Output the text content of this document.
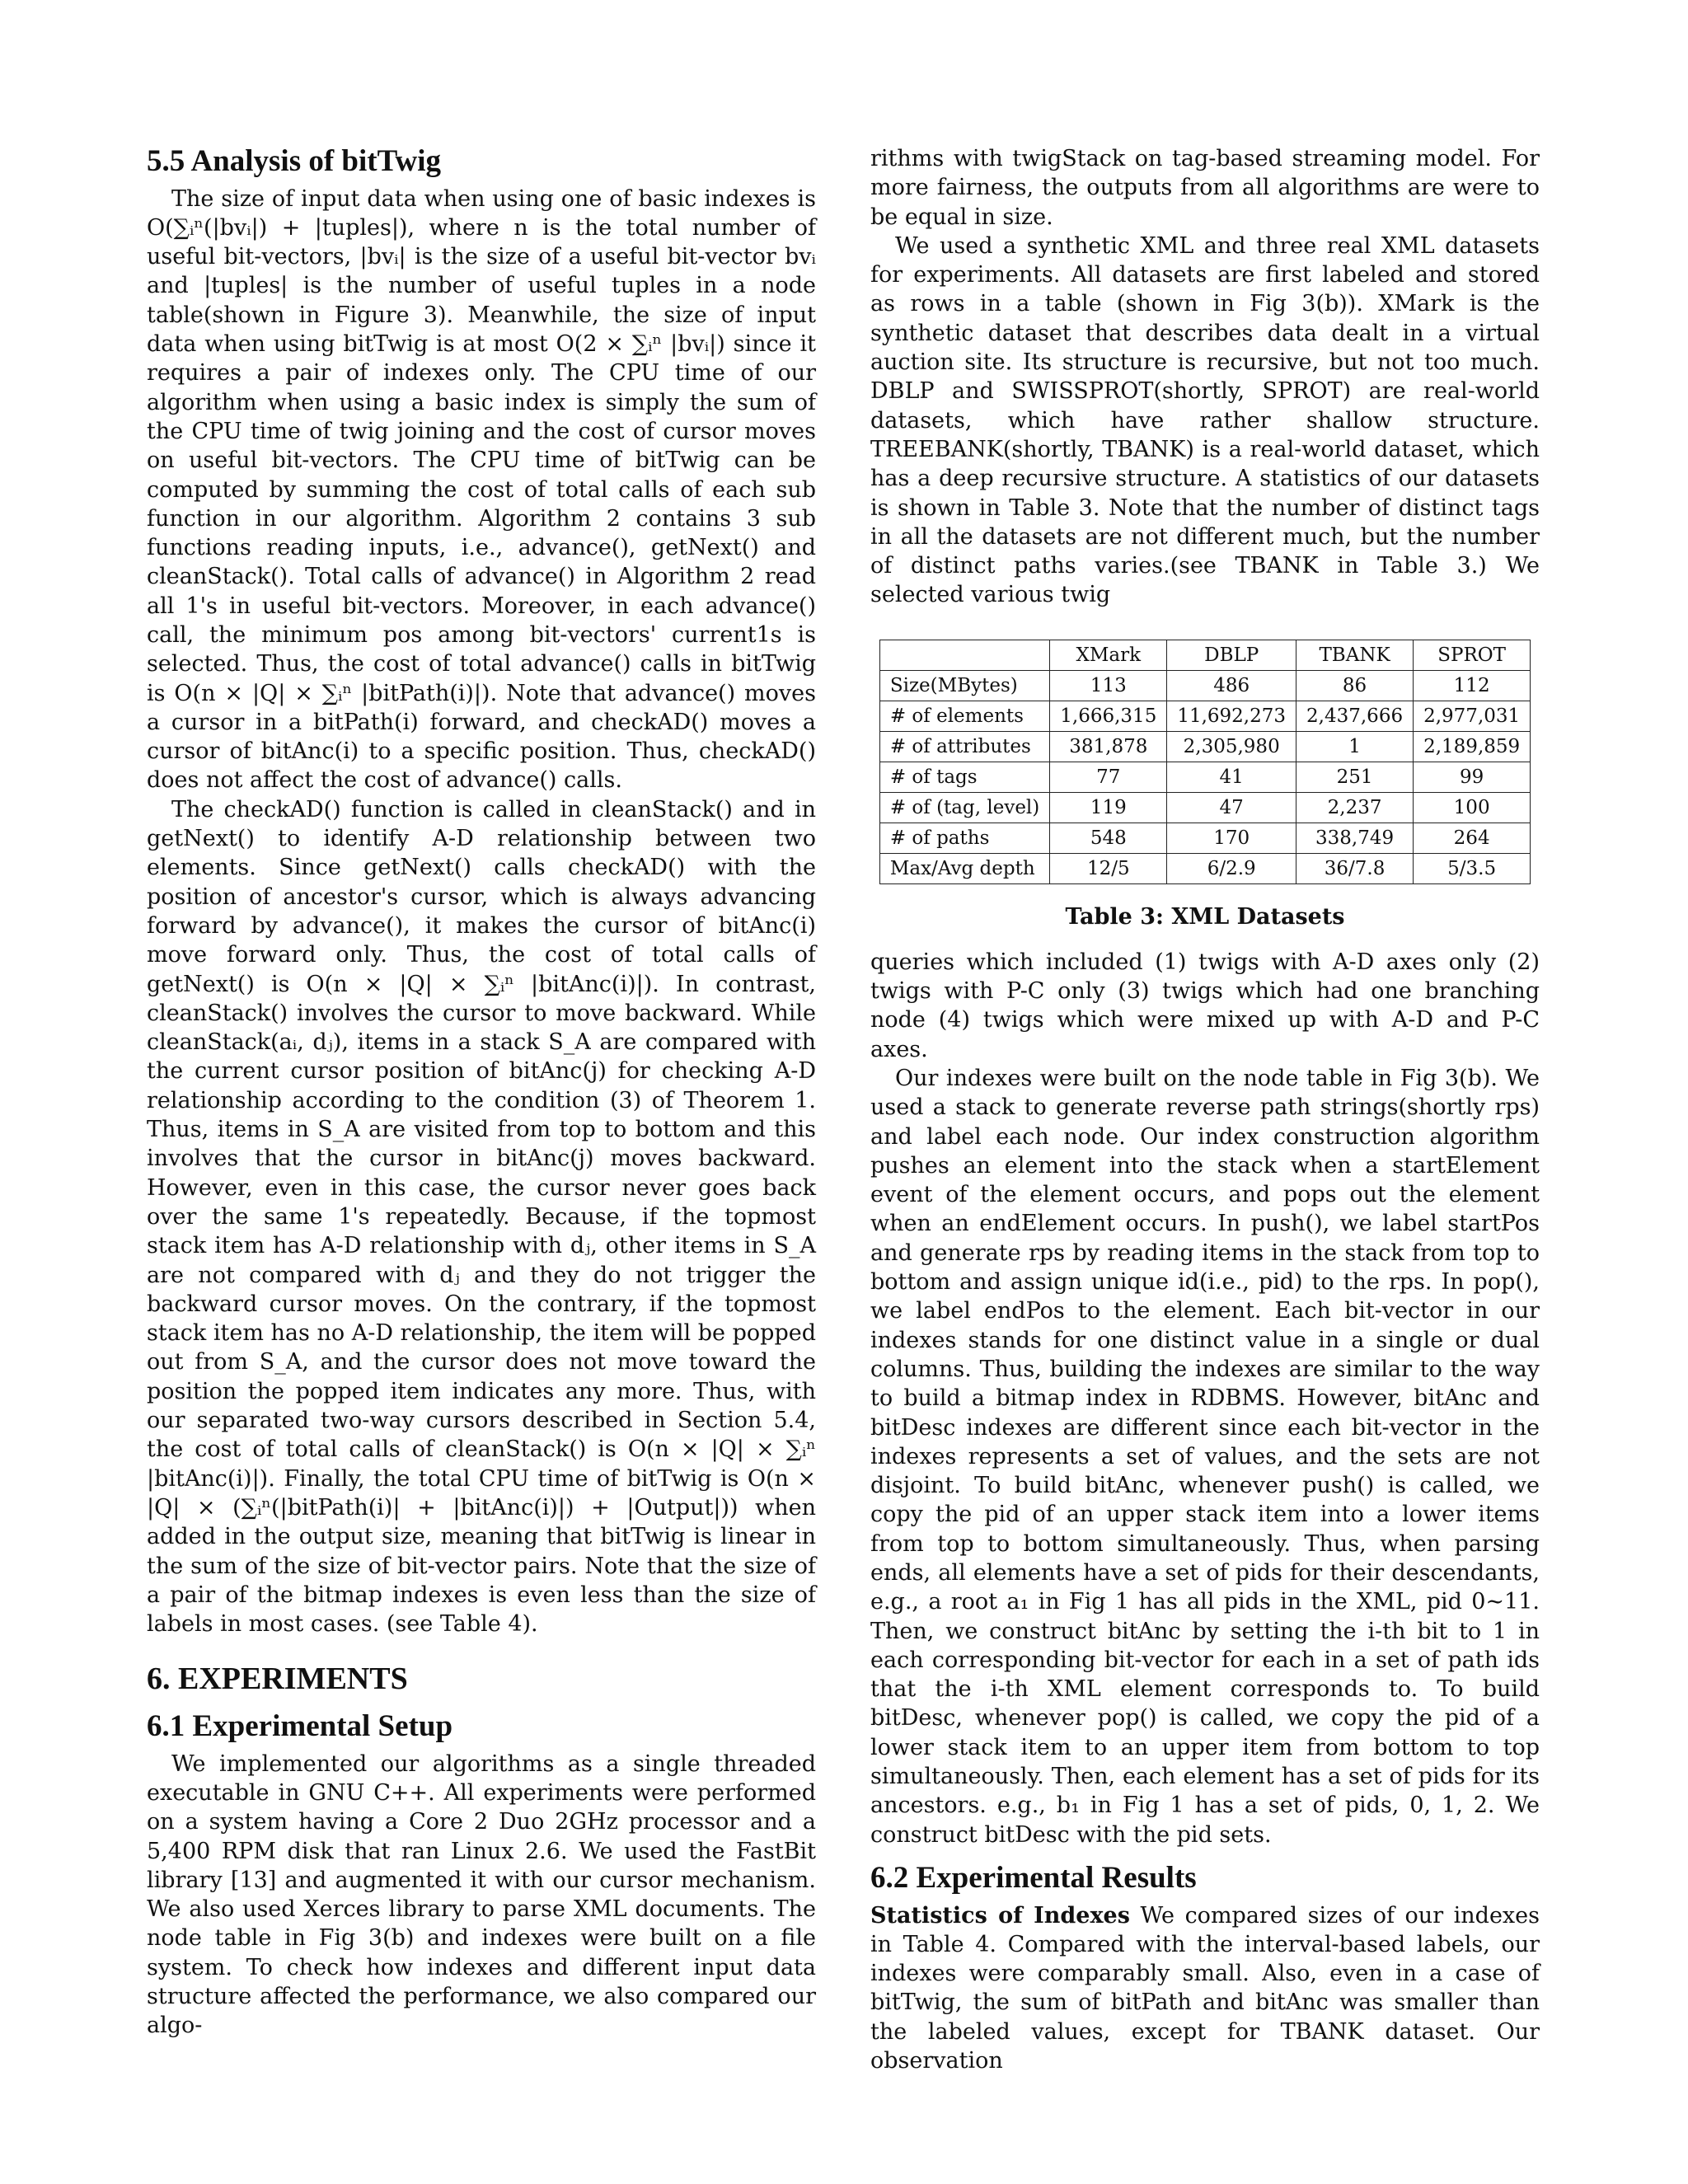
5.5 Analysis of bitTwig

The size of input data when using one of basic indexes is O(∑ᵢⁿ(|bvᵢ|) + |tuples|), where n is the total number of useful bit-vectors, |bvᵢ| is the size of a useful bit-vector bvᵢ and |tuples| is the number of useful tuples in a node table(shown in Figure 3). Meanwhile, the size of input data when using bitTwig is at most O(2 × ∑ᵢⁿ |bvᵢ|) since it requires a pair of indexes only. The CPU time of our algorithm when using a basic index is simply the sum of the CPU time of twig joining and the cost of cursor moves on useful bit-vectors. The CPU time of bitTwig can be computed by summing the cost of total calls of each sub function in our algorithm. Algorithm 2 contains 3 sub functions reading inputs, i.e., advance(), getNext() and cleanStack(). Total calls of advance() in Algorithm 2 read all 1's in useful bit-vectors. Moreover, in each advance() call, the minimum pos among bit-vectors' current1s is selected. Thus, the cost of total advance() calls in bitTwig is O(n × |Q| × ∑ᵢⁿ |bitPath(i)|). Note that advance() moves a cursor in a bitPath(i) forward, and checkAD() moves a cursor of bitAnc(i) to a specific position. Thus, checkAD() does not affect the cost of advance() calls.

The checkAD() function is called in cleanStack() and in getNext() to identify A-D relationship between two elements. Since getNext() calls checkAD() with the position of ancestor's cursor, which is always advancing forward by advance(), it makes the cursor of bitAnc(i) move forward only. Thus, the cost of total calls of getNext() is O(n × |Q| × ∑ᵢⁿ |bitAnc(i)|). In contrast, cleanStack() involves the cursor to move backward. While cleanStack(aᵢ, dⱼ), items in a stack S_A are compared with the current cursor position of bitAnc(j) for checking A-D relationship according to the condition (3) of Theorem 1. Thus, items in S_A are visited from top to bottom and this involves that the cursor in bitAnc(j) moves backward. However, even in this case, the cursor never goes back over the same 1's repeatedly. Because, if the topmost stack item has A-D relationship with dⱼ, other items in S_A are not compared with dⱼ and they do not trigger the backward cursor moves. On the contrary, if the topmost stack item has no A-D relationship, the item will be popped out from S_A, and the cursor does not move toward the position the popped item indicates any more. Thus, with our separated two-way cursors described in Section 5.4, the cost of total calls of cleanStack() is O(n × |Q| × ∑ᵢⁿ |bitAnc(i)|). Finally, the total CPU time of bitTwig is O(n × |Q| × (∑ᵢⁿ(|bitPath(i)| + |bitAnc(i)|) + |Output|)) when added in the output size, meaning that bitTwig is linear in the sum of the size of bit-vector pairs. Note that the size of a pair of the bitmap indexes is even less than the size of labels in most cases. (see Table 4).

6. EXPERIMENTS
6.1 Experimental Setup

We implemented our algorithms as a single threaded executable in GNU C++. All experiments were performed on a system having a Core 2 Duo 2GHz processor and a 5,400 RPM disk that ran Linux 2.6. We used the FastBit library [13] and augmented it with our cursor mechanism. We also used Xerces library to parse XML documents. The node table in Fig 3(b) and indexes were built on a file system. To check how indexes and different input data structure affected the performance, we also compared our algo-

rithms with twigStack on tag-based streaming model. For more fairness, the outputs from all algorithms are were to be equal in size.

We used a synthetic XML and three real XML datasets for experiments. All datasets are first labeled and stored as rows in a table (shown in Fig 3(b)). XMark is the synthetic dataset that describes data dealt in a virtual auction site. Its structure is recursive, but not too much. DBLP and SWISSPROT(shortly, SPROT) are real-world datasets, which have rather shallow structure. TREEBANK(shortly, TBANK) is a real-world dataset, which has a deep recursive structure. A statistics of our datasets is shown in Table 3. Note that the number of distinct tags in all the datasets are not different much, but the number of distinct paths varies.(see TBANK in Table 3.) We selected various twig

	XMark	DBLP	TBANK	SPROT
Size(MBytes)	113	486	86	112
# of elements	1,666,315	11,692,273	2,437,666	2,977,031
# of attributes	381,878	2,305,980	1	2,189,859
# of tags	77	41	251	99
# of (tag, level)	119	47	2,237	100
# of paths	548	170	338,749	264
Max/Avg depth	12/5	6/2.9	36/7.8	5/3.5
Table 3: XML Datasets

queries which included (1) twigs with A-D axes only (2) twigs with P-C only (3) twigs which had one branching node (4) twigs which were mixed up with A-D and P-C axes.

Our indexes were built on the node table in Fig 3(b). We used a stack to generate reverse path strings(shortly rps) and label each node. Our index construction algorithm pushes an element into the stack when a startElement event of the element occurs, and pops out the element when an endElement occurs. In push(), we label startPos and generate rps by reading items in the stack from top to bottom and assign unique id(i.e., pid) to the rps. In pop(), we label endPos to the element. Each bit-vector in our indexes stands for one distinct value in a single or dual columns. Thus, building the indexes are similar to the way to build a bitmap index in RDBMS. However, bitAnc and bitDesc indexes are different since each bit-vector in the indexes represents a set of values, and the sets are not disjoint. To build bitAnc, whenever push() is called, we copy the pid of an upper stack item into a lower items from top to bottom simultaneously. Thus, when parsing ends, all elements have a set of pids for their descendants, e.g., a root a₁ in Fig 1 has all pids in the XML, pid 0∼11. Then, we construct bitAnc by setting the i-th bit to 1 in each corresponding bit-vector for each in a set of path ids that the i-th XML element corresponds to. To build bitDesc, whenever pop() is called, we copy the pid of a lower stack item to an upper item from bottom to top simultaneously. Then, each element has a set of pids for its ancestors. e.g., b₁ in Fig 1 has a set of pids, 0, 1, 2. We construct bitDesc with the pid sets.

6.2 Experimental Results

Statistics of Indexes We compared sizes of our indexes in Table 4. Compared with the interval-based labels, our indexes were comparably small. Also, even in a case of bitTwig, the sum of bitPath and bitAnc was smaller than the labeled values, except for TBANK dataset. Our observation
